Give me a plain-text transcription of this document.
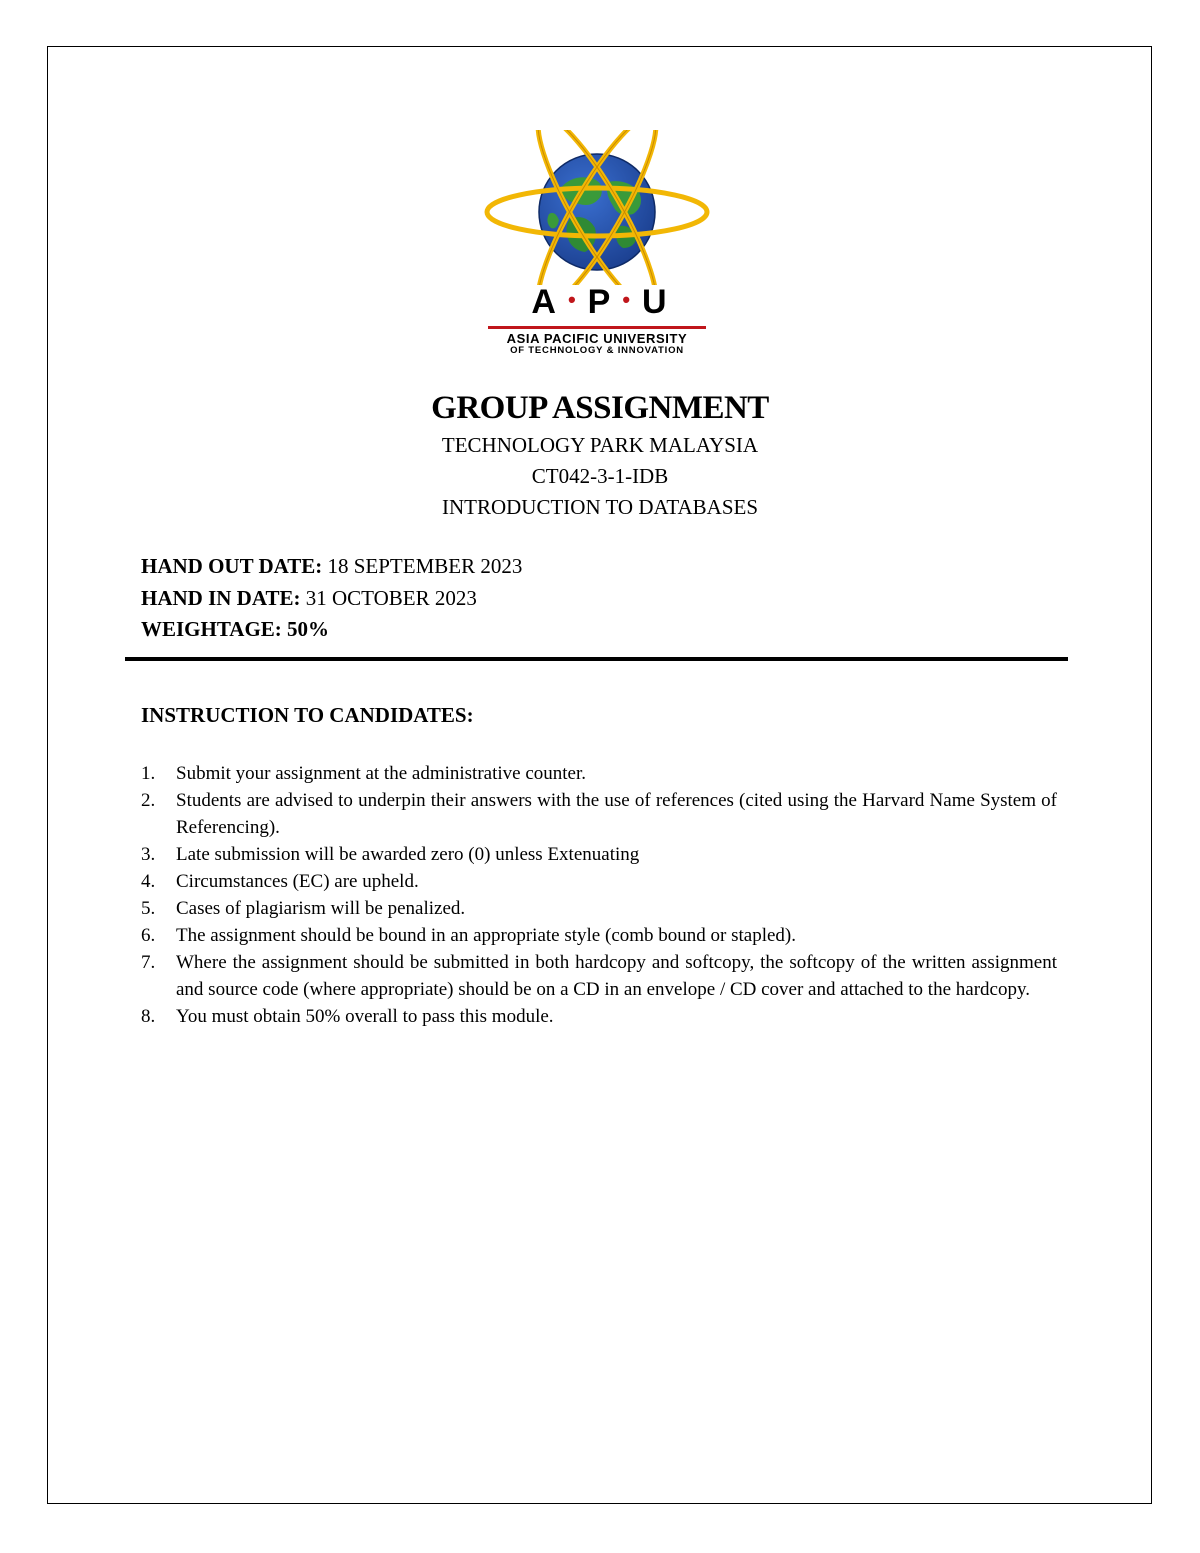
A • P • U
ASIA PACIFIC UNIVERSITY
OF TECHNOLOGY & INNOVATION
GROUP ASSIGNMENT
TECHNOLOGY PARK MALAYSIA
CT042-3-1-IDB
INTRODUCTION TO DATABASES
HAND OUT DATE: 18 SEPTEMBER 2023
HAND IN DATE: 31 OCTOBER 2023
WEIGHTAGE: 50%
INSTRUCTION TO CANDIDATES:
1. Submit your assignment at the administrative counter.
2. Students are advised to underpin their answers with the use of references (cited using the Harvard Name System of Referencing).
3. Late submission will be awarded zero (0) unless Extenuating
4. Circumstances (EC) are upheld.
5. Cases of plagiarism will be penalized.
6. The assignment should be bound in an appropriate style (comb bound or stapled).
7. Where the assignment should be submitted in both hardcopy and softcopy, the softcopy of the written assignment and source code (where appropriate) should be on a CD in an envelope / CD cover and attached to the hardcopy.
8. You must obtain 50% overall to pass this module.
